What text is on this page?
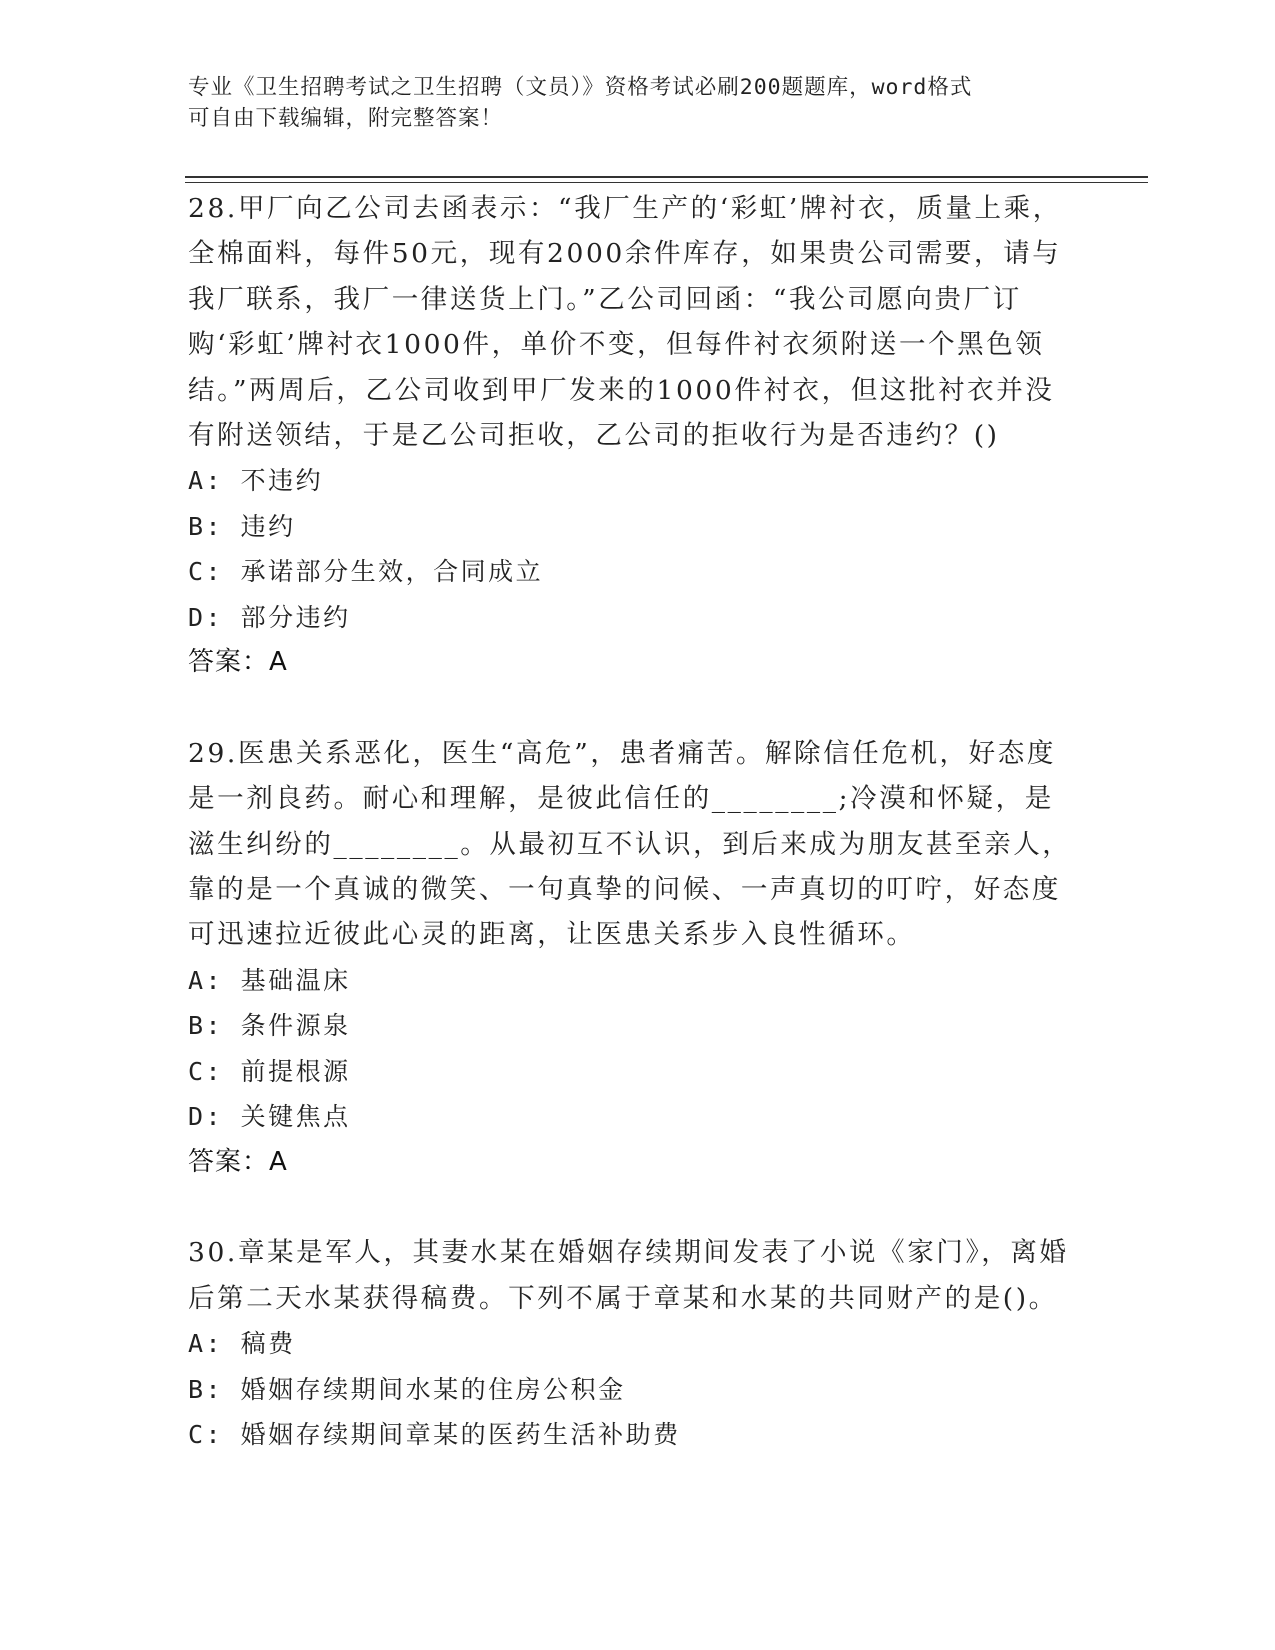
专业《卫生招聘考试之卫生招聘（文员）》资格考试必刷200题题库，word格式
可自由下载编辑，附完整答案！

28.甲厂向乙公司去函表示：“我厂生产的‘彩虹’牌衬衣，质量上乘，全棉面料，每件50元，现有2000余件库存，如果贵公司需要，请与我厂联系，我厂一律送货上门。”乙公司回函：“我公司愿向贵厂订购‘彩虹’牌衬衣1000件，单价不变，但每件衬衣须附送一个黑色领结。”两周后，乙公司收到甲厂发来的1000件衬衣，但这批衬衣并没有附送领结，于是乙公司拒收，乙公司的拒收行为是否违约？()

A: 不违约

B: 违约

C: 承诺部分生效，合同成立

D: 部分违约

答案：A

29.医患关系恶化，医生“高危”，患者痛苦。解除信任危机，好态度是一剂良药。耐心和理解，是彼此信任的________;冷漠和怀疑，是滋生纠纷的________。从最初互不认识，到后来成为朋友甚至亲人，靠的是一个真诚的微笑、一句真挚的问候、一声真切的叮咛，好态度可迅速拉近彼此心灵的距离，让医患关系步入良性循环。

A: 基础温床

B: 条件源泉

C: 前提根源

D: 关键焦点

答案：A

30.章某是军人，其妻水某在婚姻存续期间发表了小说《家门》，离婚后第二天水某获得稿费。下列不属于章某和水某的共同财产的是()。

A: 稿费

B: 婚姻存续期间水某的住房公积金

C: 婚姻存续期间章某的医药生活补助费
